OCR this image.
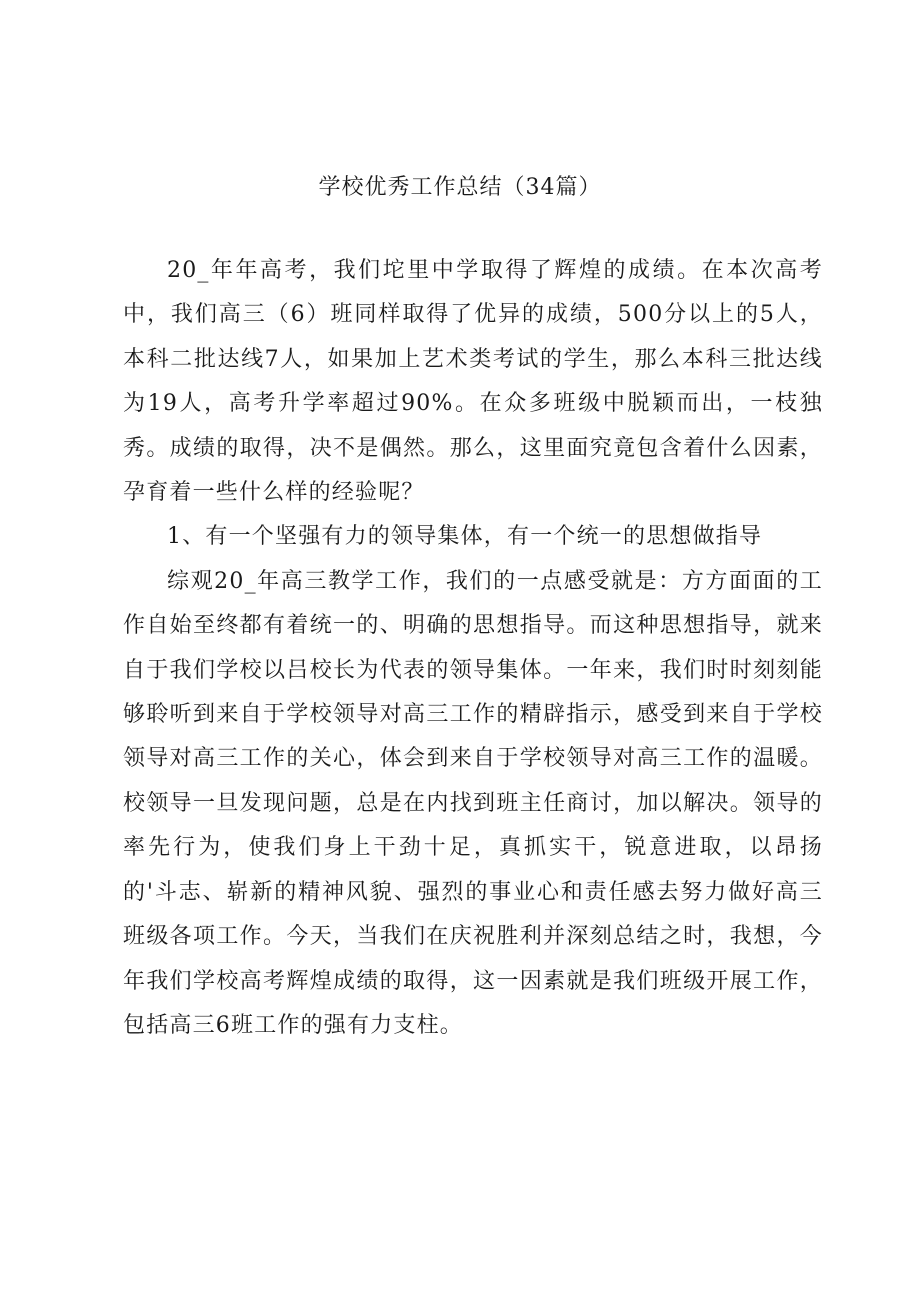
学校优秀工作总结（34篇）

20_年年高考，我们坨里中学取得了辉煌的成绩。在本次高考中，我们高三（6）班同样取得了优异的成绩，500分以上的5人，本科二批达线7人，如果加上艺术类考试的学生，那么本科三批达线为19人，高考升学率超过90%。在众多班级中脱颖而出，一枝独秀。成绩的取得，决不是偶然。那么，这里面究竟包含着什么因素，孕育着一些什么样的经验呢？

1、有一个坚强有力的领导集体，有一个统一的思想做指导

综观20_年高三教学工作，我们的一点感受就是：方方面面的工作自始至终都有着统一的、明确的思想指导。而这种思想指导，就来自于我们学校以吕校长为代表的领导集体。一年来，我们时时刻刻能够聆听到来自于学校领导对高三工作的精辟指示，感受到来自于学校领导对高三工作的关心，体会到来自于学校领导对高三工作的温暖。校领导一旦发现问题，总是在内找到班主任商讨，加以解决。领导的率先行为，使我们身上干劲十足，真抓实干，锐意进取，以昂扬的'斗志、崭新的精神风貌、强烈的事业心和责任感去努力做好高三班级各项工作。今天，当我们在庆祝胜利并深刻总结之时，我想，今年我们学校高考辉煌成绩的取得，这一因素就是我们班级开展工作，包括高三6班工作的强有力支柱。
